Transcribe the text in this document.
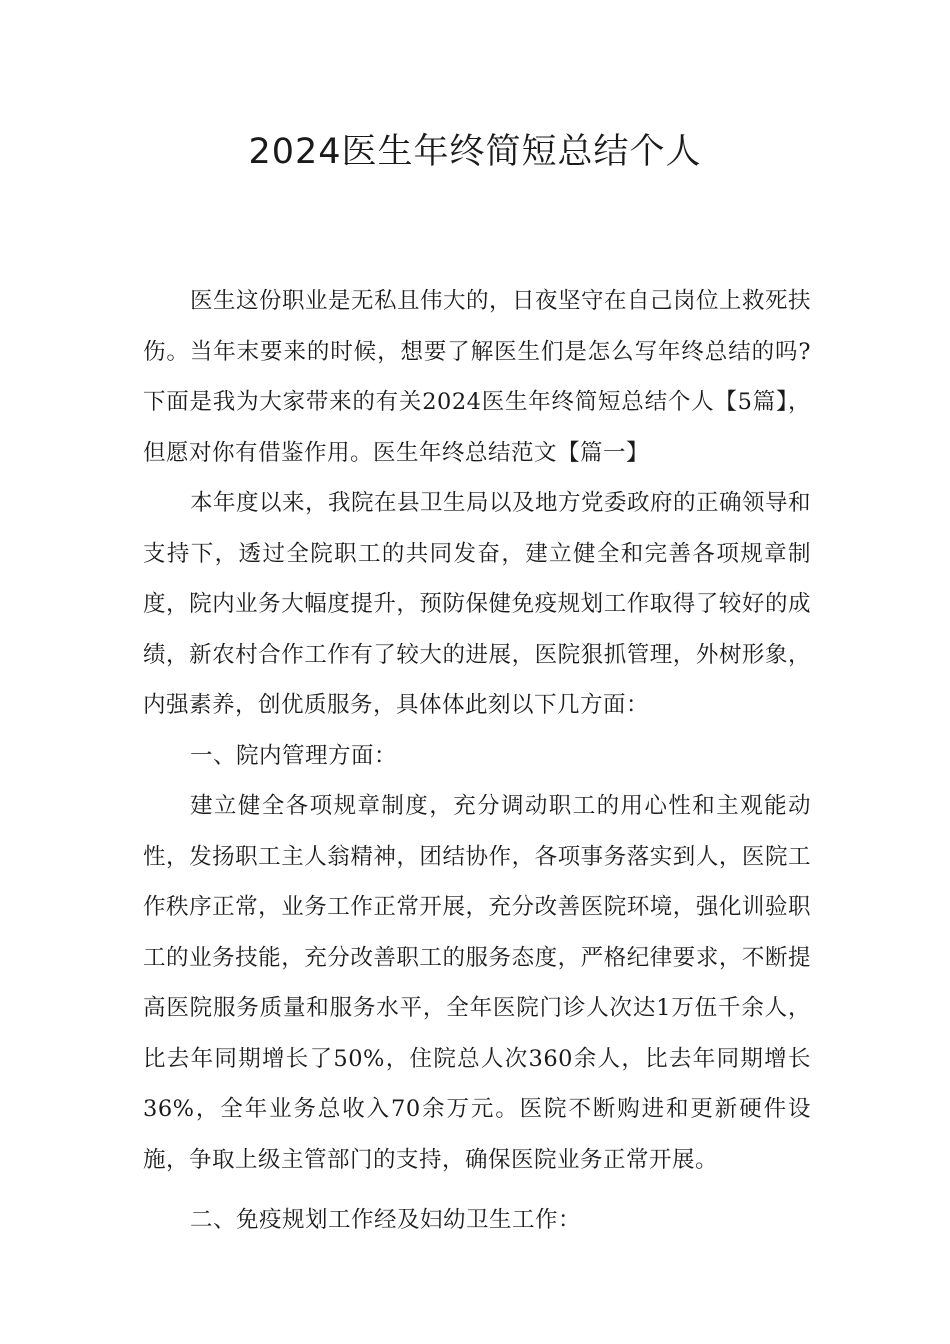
2024医生年终简短总结个人

医生这份职业是无私且伟大的，日夜坚守在自己岗位上救死扶伤。当年末要来的时候，想要了解医生们是怎么写年终总结的吗?下面是我为大家带来的有关2024医生年终简短总结个人【5篇】，但愿对你有借鉴作用。医生年终总结范文【篇一】

本年度以来，我院在县卫生局以及地方党委政府的正确领导和支持下，透过全院职工的共同发奋，建立健全和完善各项规章制度，院内业务大幅度提升，预防保健免疫规划工作取得了较好的成绩，新农村合作工作有了较大的进展，医院狠抓管理，外树形象，内强素养，创优质服务，具体体此刻以下几方面：

一、院内管理方面：

建立健全各项规章制度，充分调动职工的用心性和主观能动性，发扬职工主人翁精神，团结协作，各项事务落实到人，医院工作秩序正常，业务工作正常开展，充分改善医院环境，强化训验职工的业务技能，充分改善职工的服务态度，严格纪律要求，不断提高医院服务质量和服务水平，全年医院门诊人次达1万伍千余人，比去年同期增长了50%，住院总人次360余人，比去年同期增长36%，全年业务总收入70余万元。医院不断购进和更新硬件设施，争取上级主管部门的支持，确保医院业务正常开展。

二、免疫规划工作经及妇幼卫生工作：
